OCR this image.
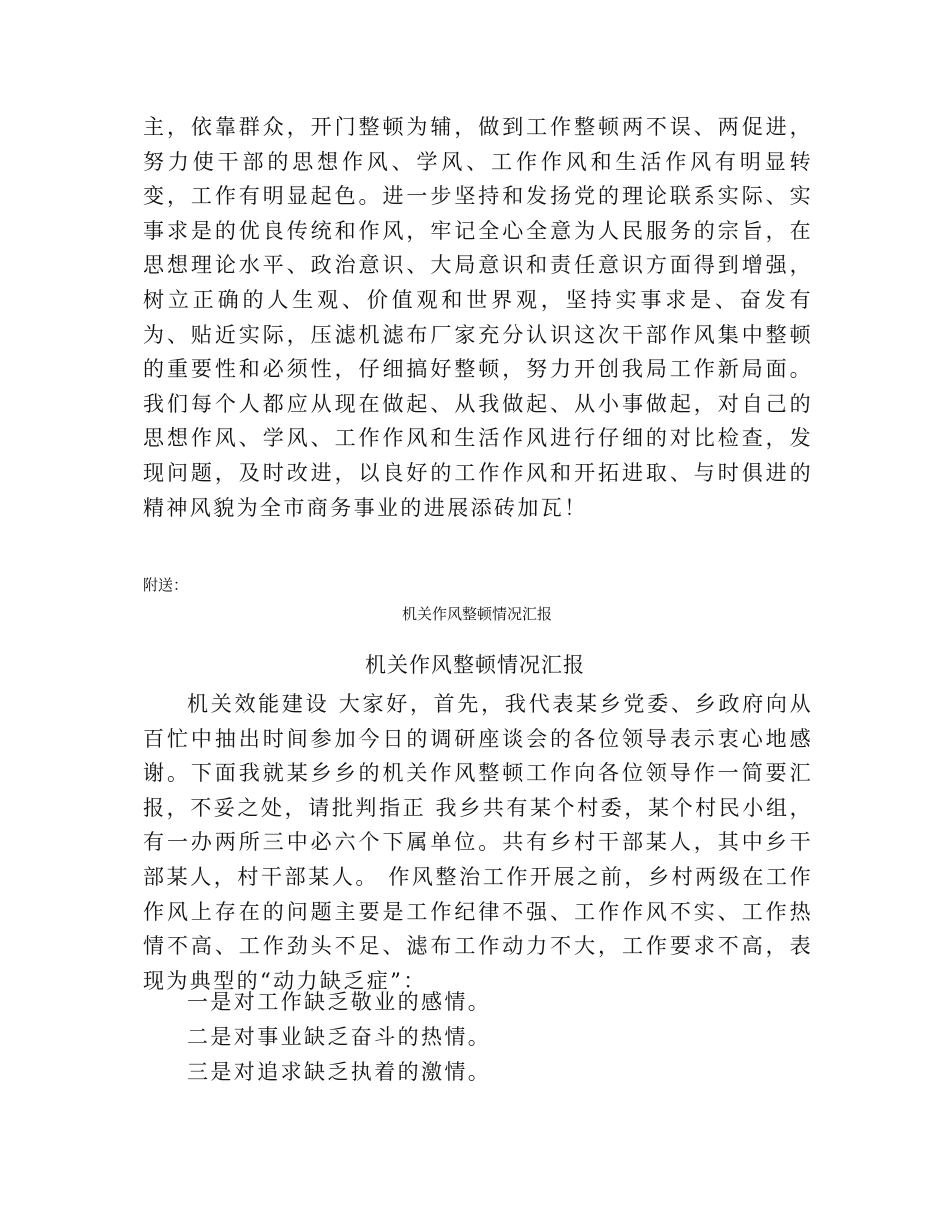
主，依靠群众，开门整顿为辅，做到工作整顿两不误、两促进，努力使干部的思想作风、学风、工作作风和生活作风有明显转变，工作有明显起色。进一步坚持和发扬党的理论联系实际、实事求是的优良传统和作风，牢记全心全意为人民服务的宗旨，在思想理论水平、政治意识、大局意识和责任意识方面得到增强，树立正确的人生观、价值观和世界观，坚持实事求是、奋发有为、贴近实际，压滤机滤布厂家充分认识这次干部作风集中整顿的重要性和必须性，仔细搞好整顿，努力开创我局工作新局面。 我们每个人都应从现在做起、从我做起、从小事做起，对自己的思想作风、学风、工作作风和生活作风进行仔细的对比检查，发现问题，及时改进，以良好的工作作风和开拓进取、与时俱进的精神风貌为全市商务事业的进展添砖加瓦！

附送：

机关作风整顿情况汇报

机关作风整顿情况汇报

机关效能建设 大家好，首先，我代表某乡党委、乡政府向从百忙中抽出时间参加今日的调研座谈会的各位领导表示衷心地感谢。下面我就某乡乡的机关作风整顿工作向各位领导作一简要汇报，不妥之处，请批判指正 我乡共有某个村委，某个村民小组，有一办两所三中必六个下属单位。共有乡村干部某人，其中乡干部某人，村干部某人。 作风整治工作开展之前，乡村两级在工作作风上存在的问题主要是工作纪律不强、工作作风不实、工作热情不高、工作劲头不足、滤布工作动力不大，工作要求不高，表现为典型的“动力缺乏症”：

一是对工作缺乏敬业的感情。

二是对事业缺乏奋斗的热情。

三是对追求缺乏执着的激情。
